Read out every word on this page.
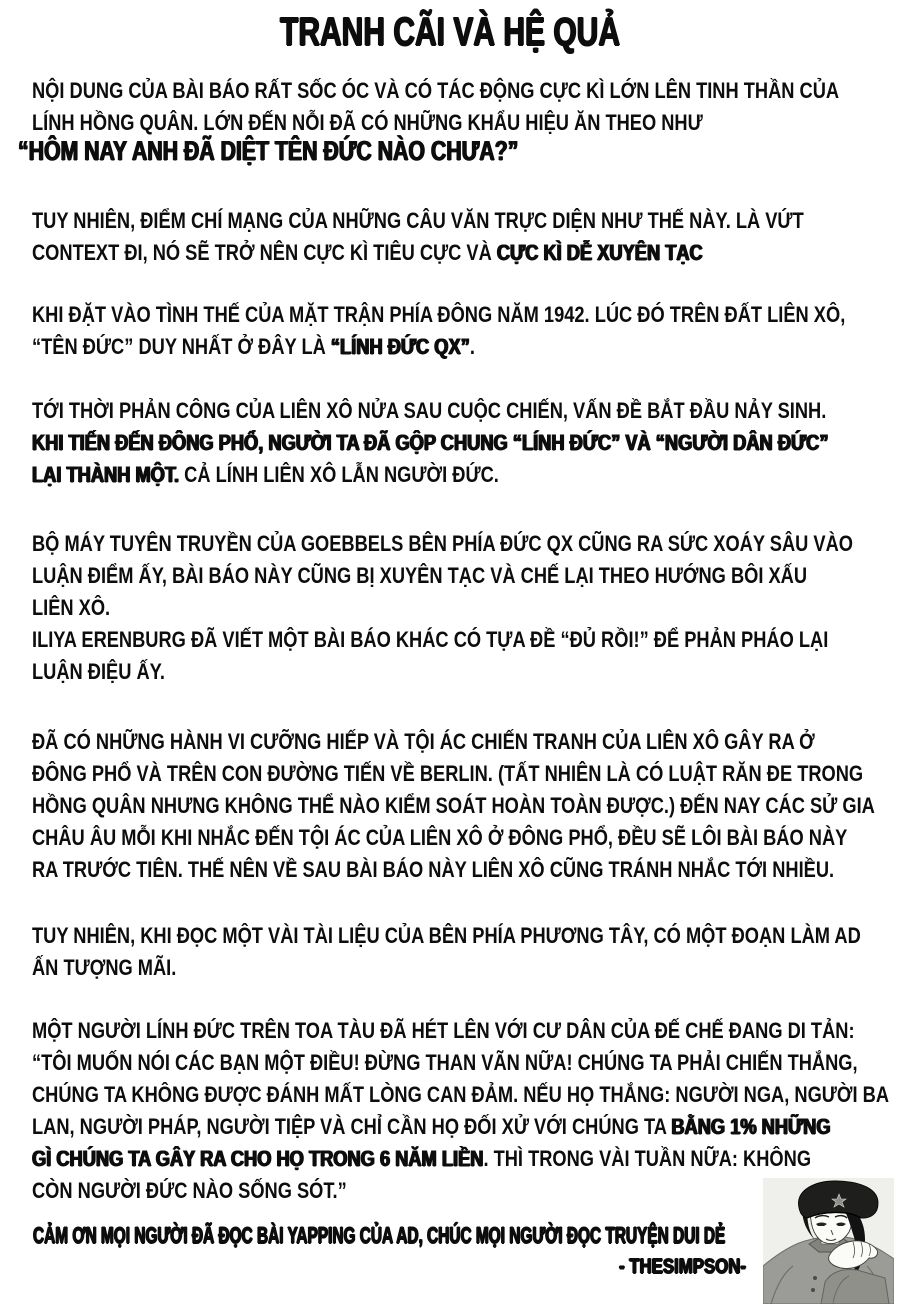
TRANH CÃI VÀ HỆ QUẢ
NỘI DUNG CỦA BÀI BÁO RẤT SỐC ÓC VÀ CÓ TÁC ĐỘNG CỰC KÌ LỚN LÊN TINH THẦN CỦA
LÍNH HỒNG QUÂN. LỚN ĐẾN NỖI ĐÃ CÓ NHỮNG KHẨU HIỆU ĂN THEO NHƯ
“HÔM NAY ANH ĐÃ DIỆT TÊN ĐỨC NÀO CHƯA?”
TUY NHIÊN, ĐIỂM CHÍ MẠNG CỦA NHỮNG CÂU VĂN TRỰC DIỆN NHƯ THẾ NÀY. LÀ VỨT
CONTEXT ĐI, NÓ SẼ TRỞ NÊN CỰC KÌ TIÊU CỰC VÀ CỰC KÌ DỄ XUYÊN TẠC
KHI ĐẶT VÀO TÌNH THẾ CỦA MẶT TRẬN PHÍA ĐÔNG NĂM 1942. LÚC ĐÓ TRÊN ĐẤT LIÊN XÔ,
“TÊN ĐỨC” DUY NHẤT Ở ĐÂY LÀ “LÍNH ĐỨC QX”.
TỚI THỜI PHẢN CÔNG CỦA LIÊN XÔ NỬA SAU CUỘC CHIẾN, VẤN ĐỀ BẮT ĐẦU NẢY SINH.
KHI TIẾN ĐẾN ĐÔNG PHỔ, NGƯỜI TA ĐÃ GỘP CHUNG “LÍNH ĐỨC” VÀ “NGƯỜI DÂN ĐỨC”
LẠI THÀNH MỘT. CẢ LÍNH LIÊN XÔ LẪN NGƯỜI ĐỨC.
BỘ MÁY TUYÊN TRUYỀN CỦA GOEBBELS BÊN PHÍA ĐỨC QX CŨNG RA SỨC XOÁY SÂU VÀO
LUẬN ĐIỂM ẤY, BÀI BÁO NÀY CŨNG BỊ XUYÊN TẠC VÀ CHẾ LẠI THEO HƯỚNG BÔI XẤU
LIÊN XÔ.
ILIYA ERENBURG ĐÃ VIẾT MỘT BÀI BÁO KHÁC CÓ TỰA ĐỀ “ĐỦ RỒI!” ĐỂ PHẢN PHÁO LẠI
LUẬN ĐIỆU ẤY.
ĐÃ CÓ NHỮNG HÀNH VI CƯỠNG HIẾP VÀ TỘI ÁC CHIẾN TRANH CỦA LIÊN XÔ GÂY RA Ở
ĐÔNG PHỔ VÀ TRÊN CON ĐƯỜNG TIẾN VỀ BERLIN. (TẤT NHIÊN LÀ CÓ LUẬT RĂN ĐE TRONG
HỒNG QUÂN NHƯNG KHÔNG THỂ NÀO KIỂM SOÁT HOÀN TOÀN ĐƯỢC.) ĐẾN NAY CÁC SỬ GIA
CHÂU ÂU MỖI KHI NHẮC ĐẾN TỘI ÁC CỦA LIÊN XÔ Ở ĐÔNG PHỔ, ĐỀU SẼ LÔI BÀI BÁO NÀY
RA TRƯỚC TIÊN. THẾ NÊN VỀ SAU BÀI BÁO NÀY LIÊN XÔ CŨNG TRÁNH NHẮC TỚI NHIỀU.
TUY NHIÊN, KHI ĐỌC MỘT VÀI TÀI LIỆU CỦA BÊN PHÍA PHƯƠNG TÂY, CÓ MỘT ĐOẠN LÀM AD
ẤN TƯỢNG MÃI.
MỘT NGƯỜI LÍNH ĐỨC TRÊN TOA TÀU ĐÃ HÉT LÊN VỚI CƯ DÂN CỦA ĐẾ CHẾ ĐANG DI TẢN:
“TÔI MUỐN NÓI CÁC BẠN MỘT ĐIỀU! ĐỪNG THAN VÃN NỮA! CHÚNG TA PHẢI CHIẾN THẮNG,
CHÚNG TA KHÔNG ĐƯỢC ĐÁNH MẤT LÒNG CAN ĐẢM. NẾU HỌ THẮNG: NGƯỜI NGA, NGƯỜI BA
LAN, NGƯỜI PHÁP, NGƯỜI TIỆP VÀ CHỈ CẦN HỌ ĐỐI XỬ VỚI CHÚNG TA BẰNG 1% NHỮNG
GÌ CHÚNG TA GÂY RA CHO HỌ TRONG 6 NĂM LIỀN. THÌ TRONG VÀI TUẦN NỮA: KHÔNG
CÒN NGƯỜI ĐỨC NÀO SỐNG SÓT.”
CẢM ƠN MỌI NGƯỜI ĐÃ ĐỌC BÀI YAPPING CỦA AD, CHÚC MỌI NGƯỜI ĐỌC TRUYỆN DUI DẺ
- THESIMPSON-
